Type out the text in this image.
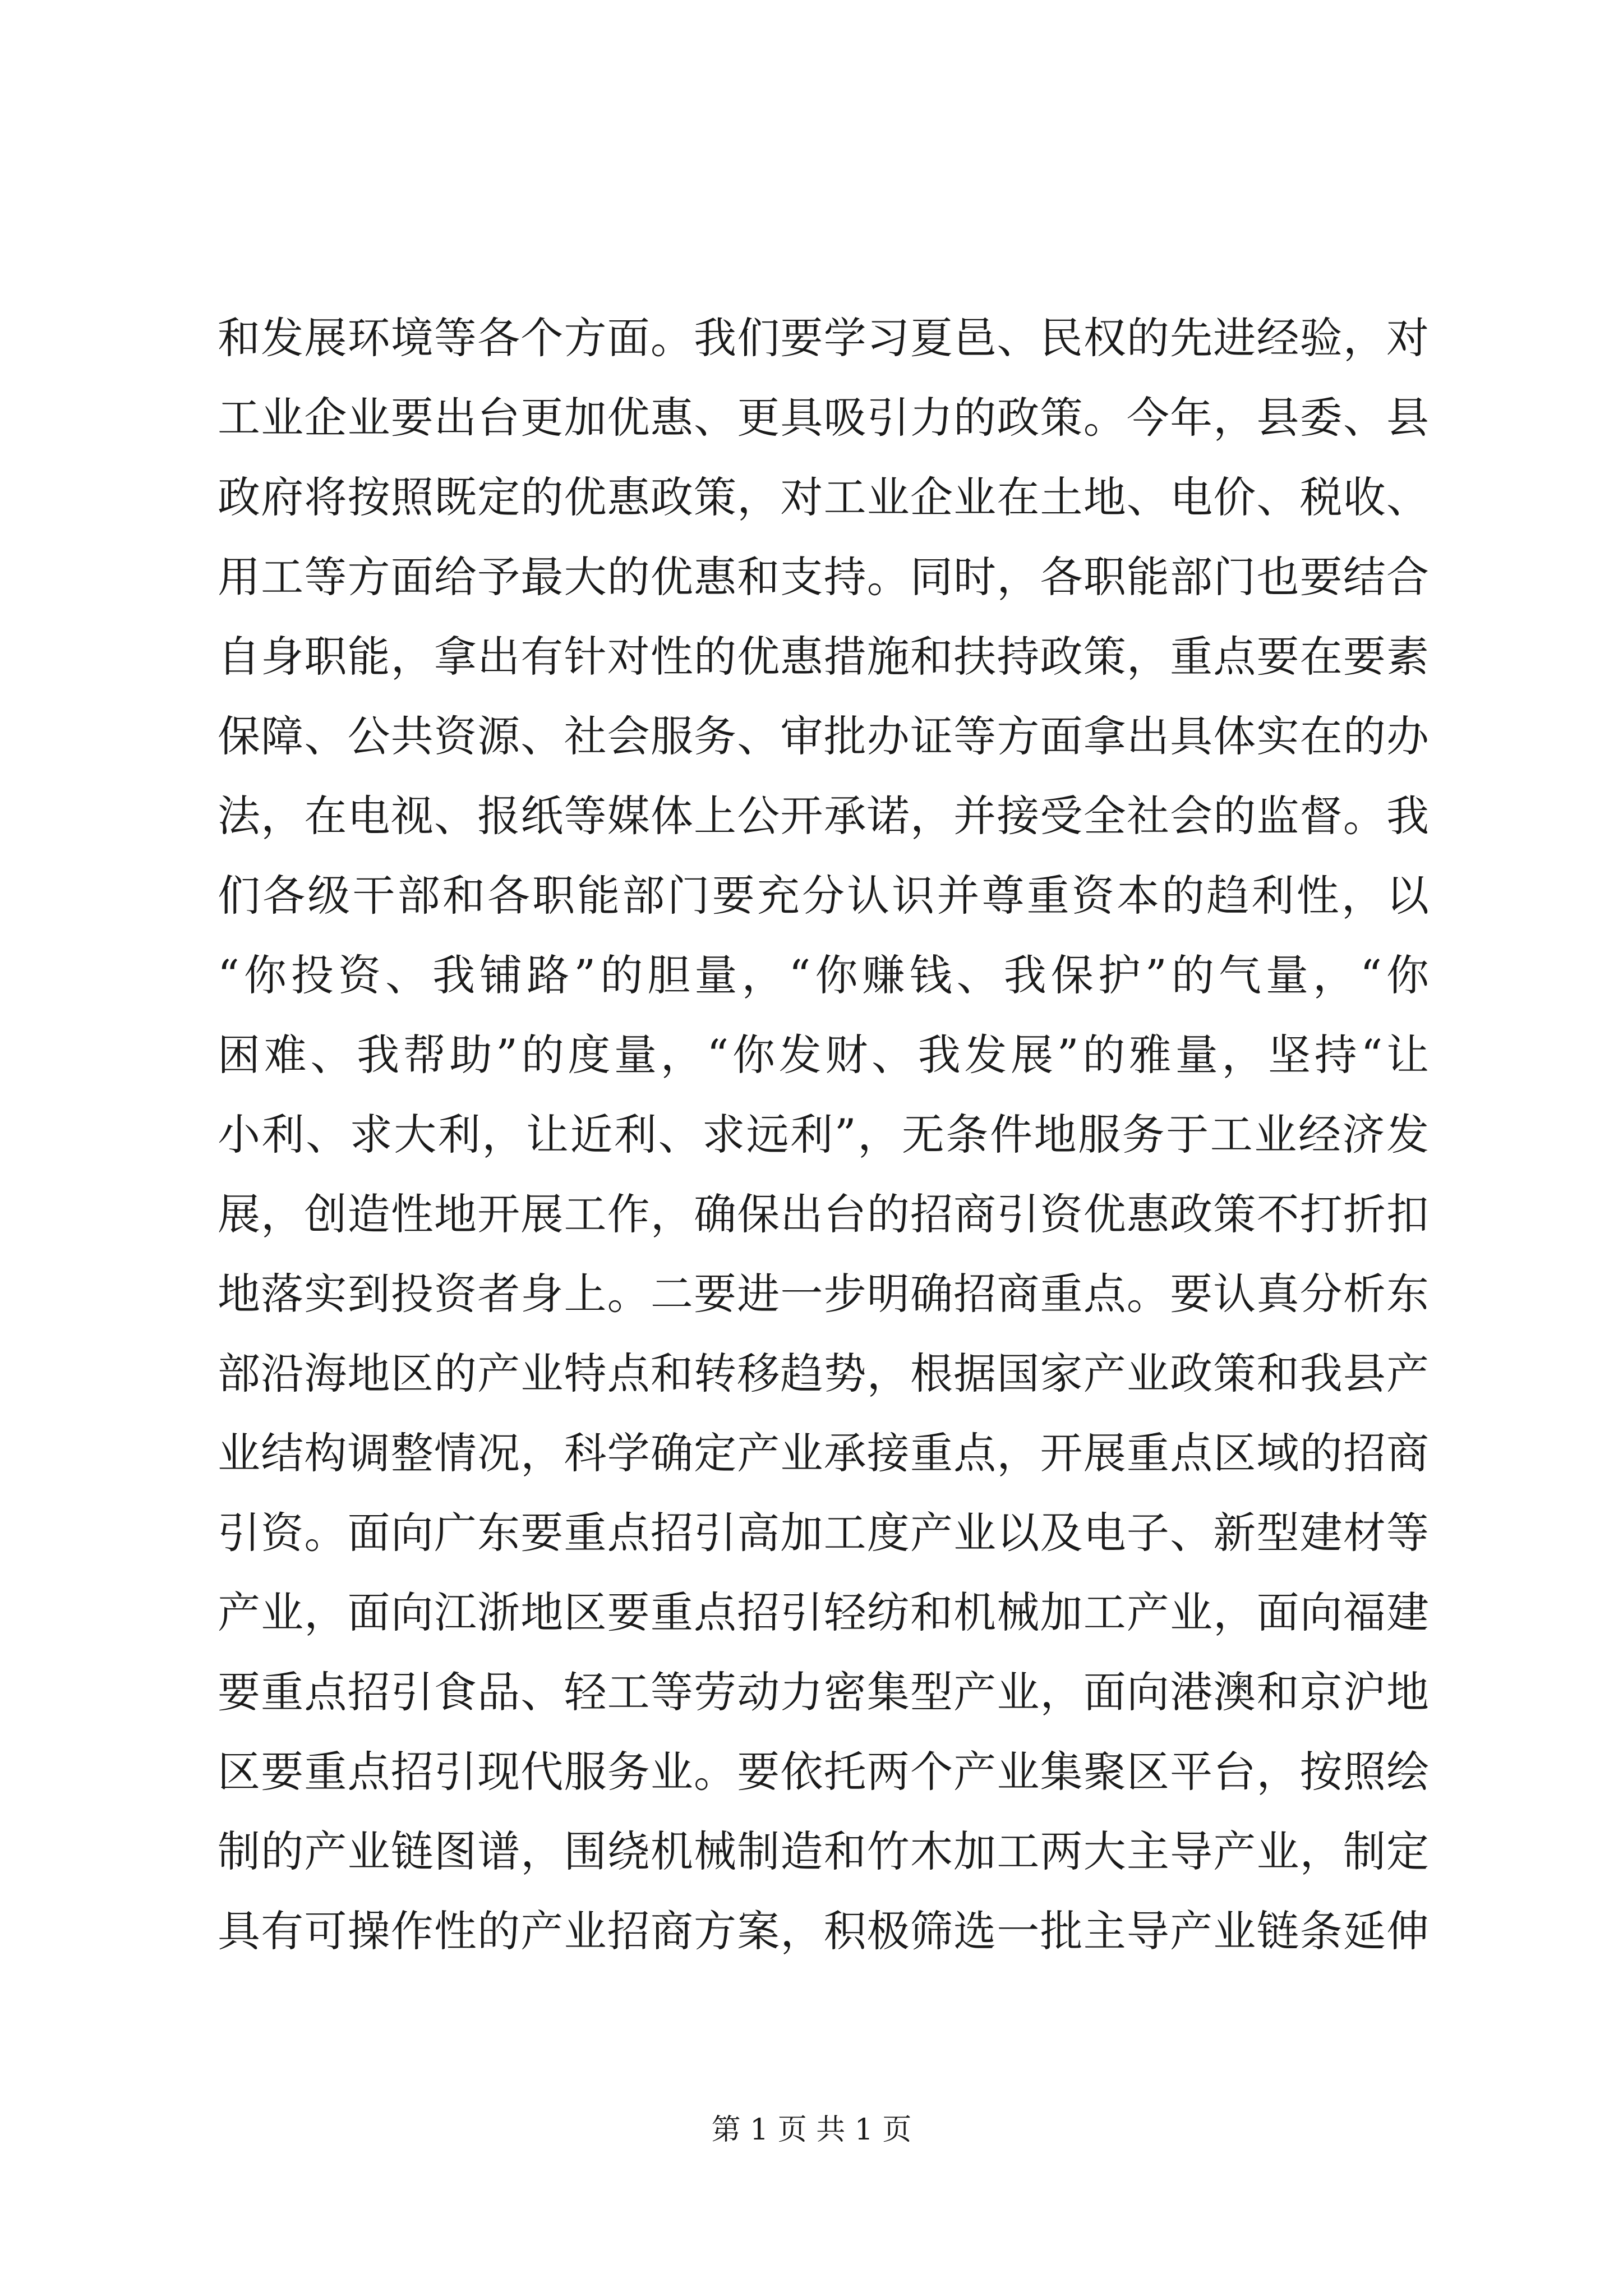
和发展环境等各个方面。我们要学习夏邑、民权的先进经验，对
工业企业要出台更加优惠、更具吸引力的政策。今年，县委、县
政府将按照既定的优惠政策，对工业企业在土地、电价、税收、
用工等方面给予最大的优惠和支持。同时，各职能部门也要结合
自身职能，拿出有针对性的优惠措施和扶持政策，重点要在要素
保障、公共资源、社会服务、审批办证等方面拿出具体实在的办
法，在电视、报纸等媒体上公开承诺，并接受全社会的监督。我
们各级干部和各职能部门要充分认识并尊重资本的趋利性，以
“你投资、我铺路”的胆量，“你赚钱、我保护”的气量，“你
困难、我帮助”的度量，“你发财、我发展”的雅量，坚持“让
小利、求大利，让近利、求远利”，无条件地服务于工业经济发
展，创造性地开展工作，确保出台的招商引资优惠政策不打折扣
地落实到投资者身上。二要进一步明确招商重点。要认真分析东
部沿海地区的产业特点和转移趋势，根据国家产业政策和我县产
业结构调整情况，科学确定产业承接重点，开展重点区域的招商
引资。面向广东要重点招引高加工度产业以及电子、新型建材等
产业，面向江浙地区要重点招引轻纺和机械加工产业，面向福建
要重点招引食品、轻工等劳动力密集型产业，面向港澳和京沪地
区要重点招引现代服务业。要依托两个产业集聚区平台，按照绘
制的产业链图谱，围绕机械制造和竹木加工两大主导产业，制定
具有可操作性的产业招商方案，积极筛选一批主导产业链条延伸
第 1 页 共 1 页
